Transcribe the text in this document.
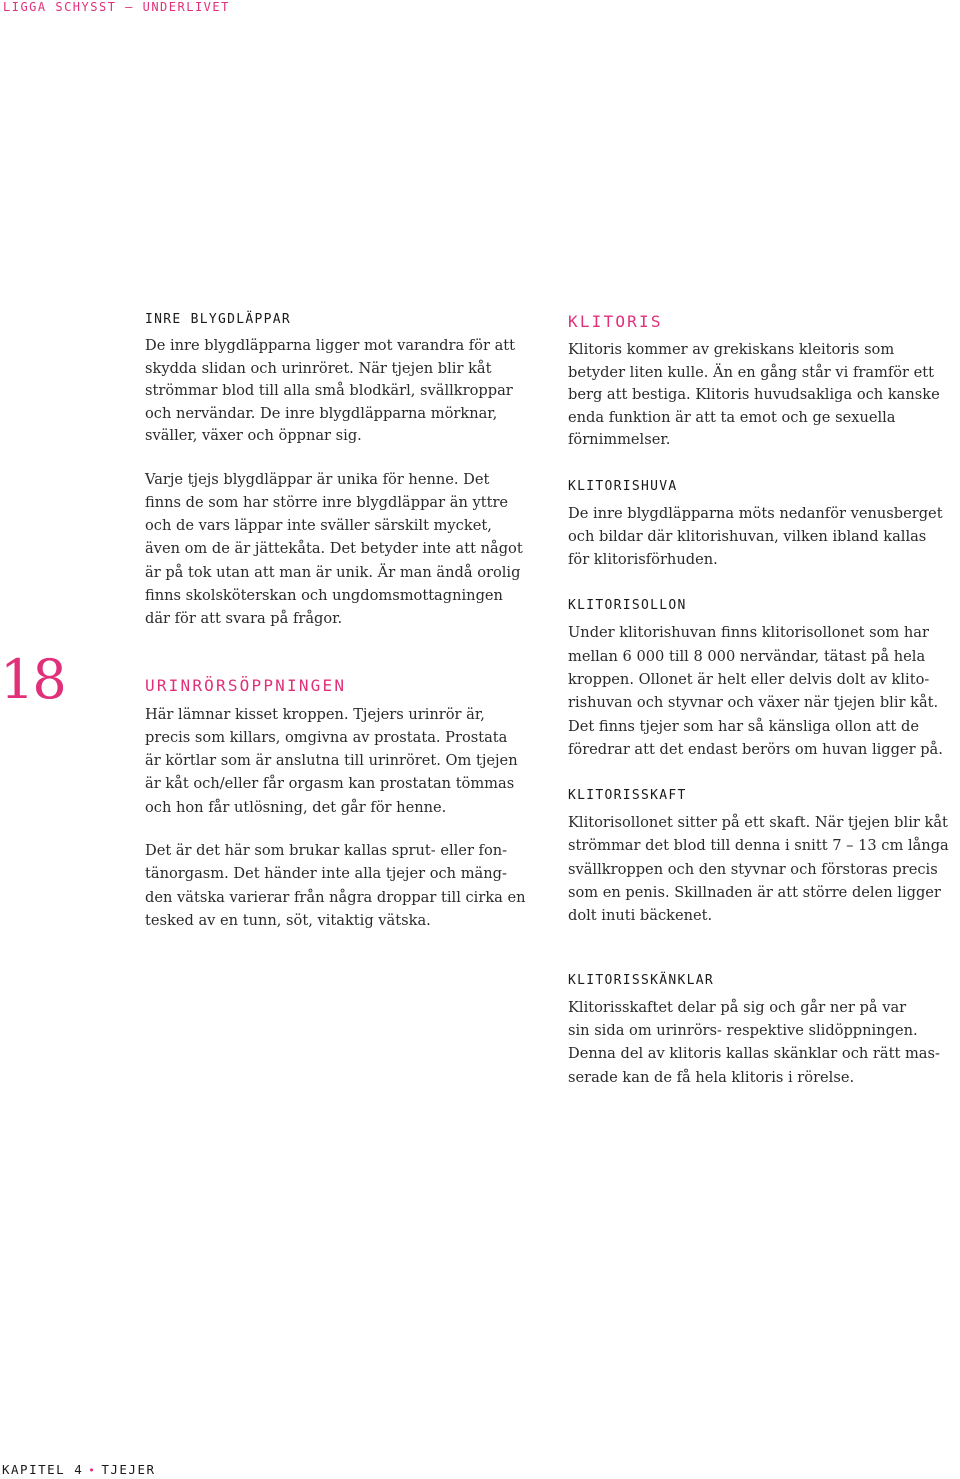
LIGGA SCHYSST – UNDERLIVET
18
INRE BLYGDLÄPPAR
De inre blygdläpparna ligger mot varandra för att
skydda slidan och urinröret. När tjejen blir kåt
strömmar blod till alla små blodkärl, svällkroppar
och nervändar. De inre blygdläpparna mörknar,
sväller, växer och öppnar sig.
Varje tjejs blygdläppar är unika för henne. Det
finns de som har större inre blygdläppar än yttre
och de vars läppar inte sväller särskilt mycket,
även om de är jättekåta. Det betyder inte att något
är på tok utan att man är unik. Är man ändå orolig
finns skolsköterskan och ungdomsmottagningen
där för att svara på frågor.
URINRÖRSÖPPNINGEN
Här lämnar kisset kroppen. Tjejers urinrör är,
precis som killars, omgivna av prostata. Prostata
är körtlar som är anslutna till urinröret. Om tjejen
är kåt och/eller får orgasm kan prostatan tömmas
och hon får utlösning, det går för henne.
Det är det här som brukar kallas sprut- eller fon-
tänorgasm. Det händer inte alla tjejer och mäng-
den vätska varierar från några droppar till cirka en
tesked av en tunn, söt, vitaktig vätska.
KLITORIS
Klitoris kommer av grekiskans kleitoris som
betyder liten kulle. Än en gång står vi framför ett
berg att bestiga. Klitoris huvudsakliga och kanske
enda funktion är att ta emot och ge sexuella
förnimmelser.
KLITORISHUVA
De inre blygdläpparna möts nedanför venusberget
och bildar där klitorishuvan, vilken ibland kallas
för klitorisförhuden.
KLITORISOLLON
Under klitorishuvan finns klitorisollonet som har
mellan 6 000 till 8 000 nervändar, tätast på hela
kroppen. Ollonet är helt eller delvis dolt av klito-
rishuvan och styvnar och växer när tjejen blir kåt.
Det finns tjejer som har så känsliga ollon att de
föredrar att det endast berörs om huvan ligger på.
KLITORISSKAFT
Klitorisollonet sitter på ett skaft. När tjejen blir kåt
strömmar det blod till denna i snitt 7 – 13 cm långa
svällkroppen och den styvnar och förstoras precis
som en penis. Skillnaden är att större delen ligger
dolt inuti bäckenet.
KLITORISSKÄNKLAR
Klitorisskaftet delar på sig och går ner på var
sin sida om urinrörs- respektive slidöppningen.
Denna del av klitoris kallas skänklar och rätt mas-
serade kan de få hela klitoris i rörelse.
KAPITEL 4 • TJEJER
